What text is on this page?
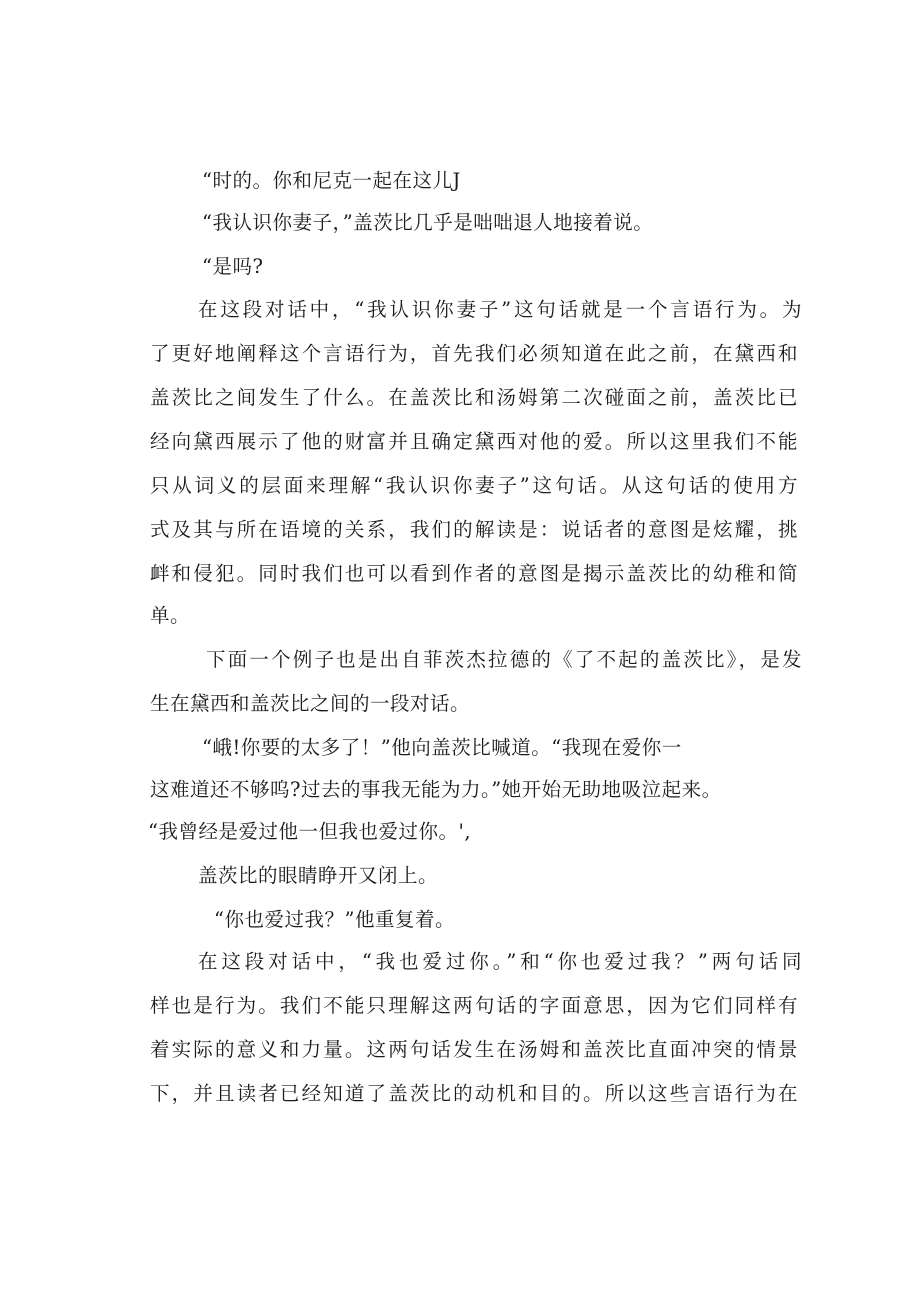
“时的。你和尼克一起在这儿J
“我认识你妻子，”盖茨比几乎是咄咄退人地接着说。
“是吗?
在这段对话中，“我认识你妻子”这句话就是一个言语行为。为
了更好地阐释这个言语行为，首先我们必须知道在此之前，在黛西和
盖茨比之间发生了什么。在盖茨比和汤姆第二次碰面之前，盖茨比已
经向黛西展示了他的财富并且确定黛西对他的爱。所以这里我们不能
只从词义的层面来理解“我认识你妻子”这句话。从这句话的使用方
式及其与所在语境的关系，我们的解读是：说话者的意图是炫耀，挑
衅和侵犯。同时我们也可以看到作者的意图是揭示盖茨比的幼稚和简
单。
下面一个例子也是出自菲茨杰拉德的《了不起的盖茨比》，是发
生在黛西和盖茨比之间的一段对话。
“峨!你要的太多了！”他向盖茨比喊道。“我现在爱你一
这难道还不够呜?过去的事我无能为力。”她开始无助地吸泣起来。
“我曾经是爱过他一但我也爱过你。',
盖茨比的眼睛睁开又闭上。
“你也爱过我？”他重复着。
在这段对话中，“我也爱过你。”和“你也爱过我？”两句话同
样也是行为。我们不能只理解这两句话的字面意思，因为它们同样有
着实际的意义和力量。这两句话发生在汤姆和盖茨比直面冲突的情景
下，并且读者已经知道了盖茨比的动机和目的。所以这些言语行为在
